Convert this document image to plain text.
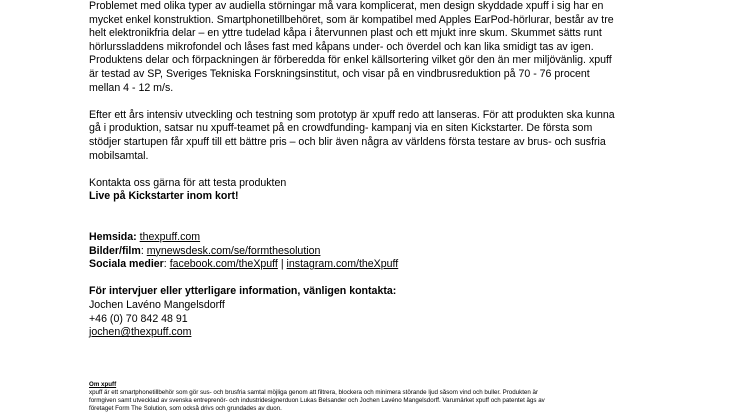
Problemet med olika typer av audiella störningar må vara komplicerat, men design skyddade xpuff i sig har en

mycket enkel konstruktion. Smartphonetillbehöret, som är kompatibel med Apples EarPod-hörlurar, består av tre

helt elektronikfria delar – en yttre tudelad kåpa i återvunnen plast och ett mjukt inre skum. Skummet sätts runt

hörlurssladdens mikrofondel och låses fast med kåpans under- och överdel och kan lika smidigt tas av igen.

Produktens delar och förpackningen är förberedda för enkel källsortering vilket gör den än mer miljövänlig. xpuff

är testad av SP, Sveriges Tekniska Forskningsinstitut, och visar på en vindbrusreduktion på 70 - 76 procent

mellan 4 - 12 m/s.

Efter ett års intensiv utveckling och testning som prototyp är xpuff redo att lanseras. För att produkten ska kunna

gå i produktion, satsar nu xpuff-teamet på en crowdfunding- kampanj via en siten Kickstarter. De första som

stödjer startupen får xpuff till ett bättre pris – och blir även några av världens första testare av brus- och susfria

mobilsamtal.

Kontakta oss gärna för att testa produkten

Live på Kickstarter inom kort!

Hemsida: thexpuff.com

Bilder/film: mynewsdesk.com/se/formthesolution

Sociala medier: facebook.com/theXpuff | instagram.com/theXpuff

För intervjuer eller ytterligare information, vänligen kontakta:

Jochen Lavéno Mangelsdorff

+46 (0) 70 842 48 91

jochen@thexpuff.com

Om xpuff

xpuff är ett smartphonetillbehör som gör sus- och brusfria samtal möjliga genom att filtrera, blockera och minimera störande ljud såsom vind och buller. Produkten är

formgiven samt utvecklad av svenska entreprenör- och industridesignerduon Lukas Belsander och Jochen Lavéno Mangelsdorff. Varumärket xpuff och patentet ägs av

företaget Form The Solution, som också drivs och grundades av duon.
